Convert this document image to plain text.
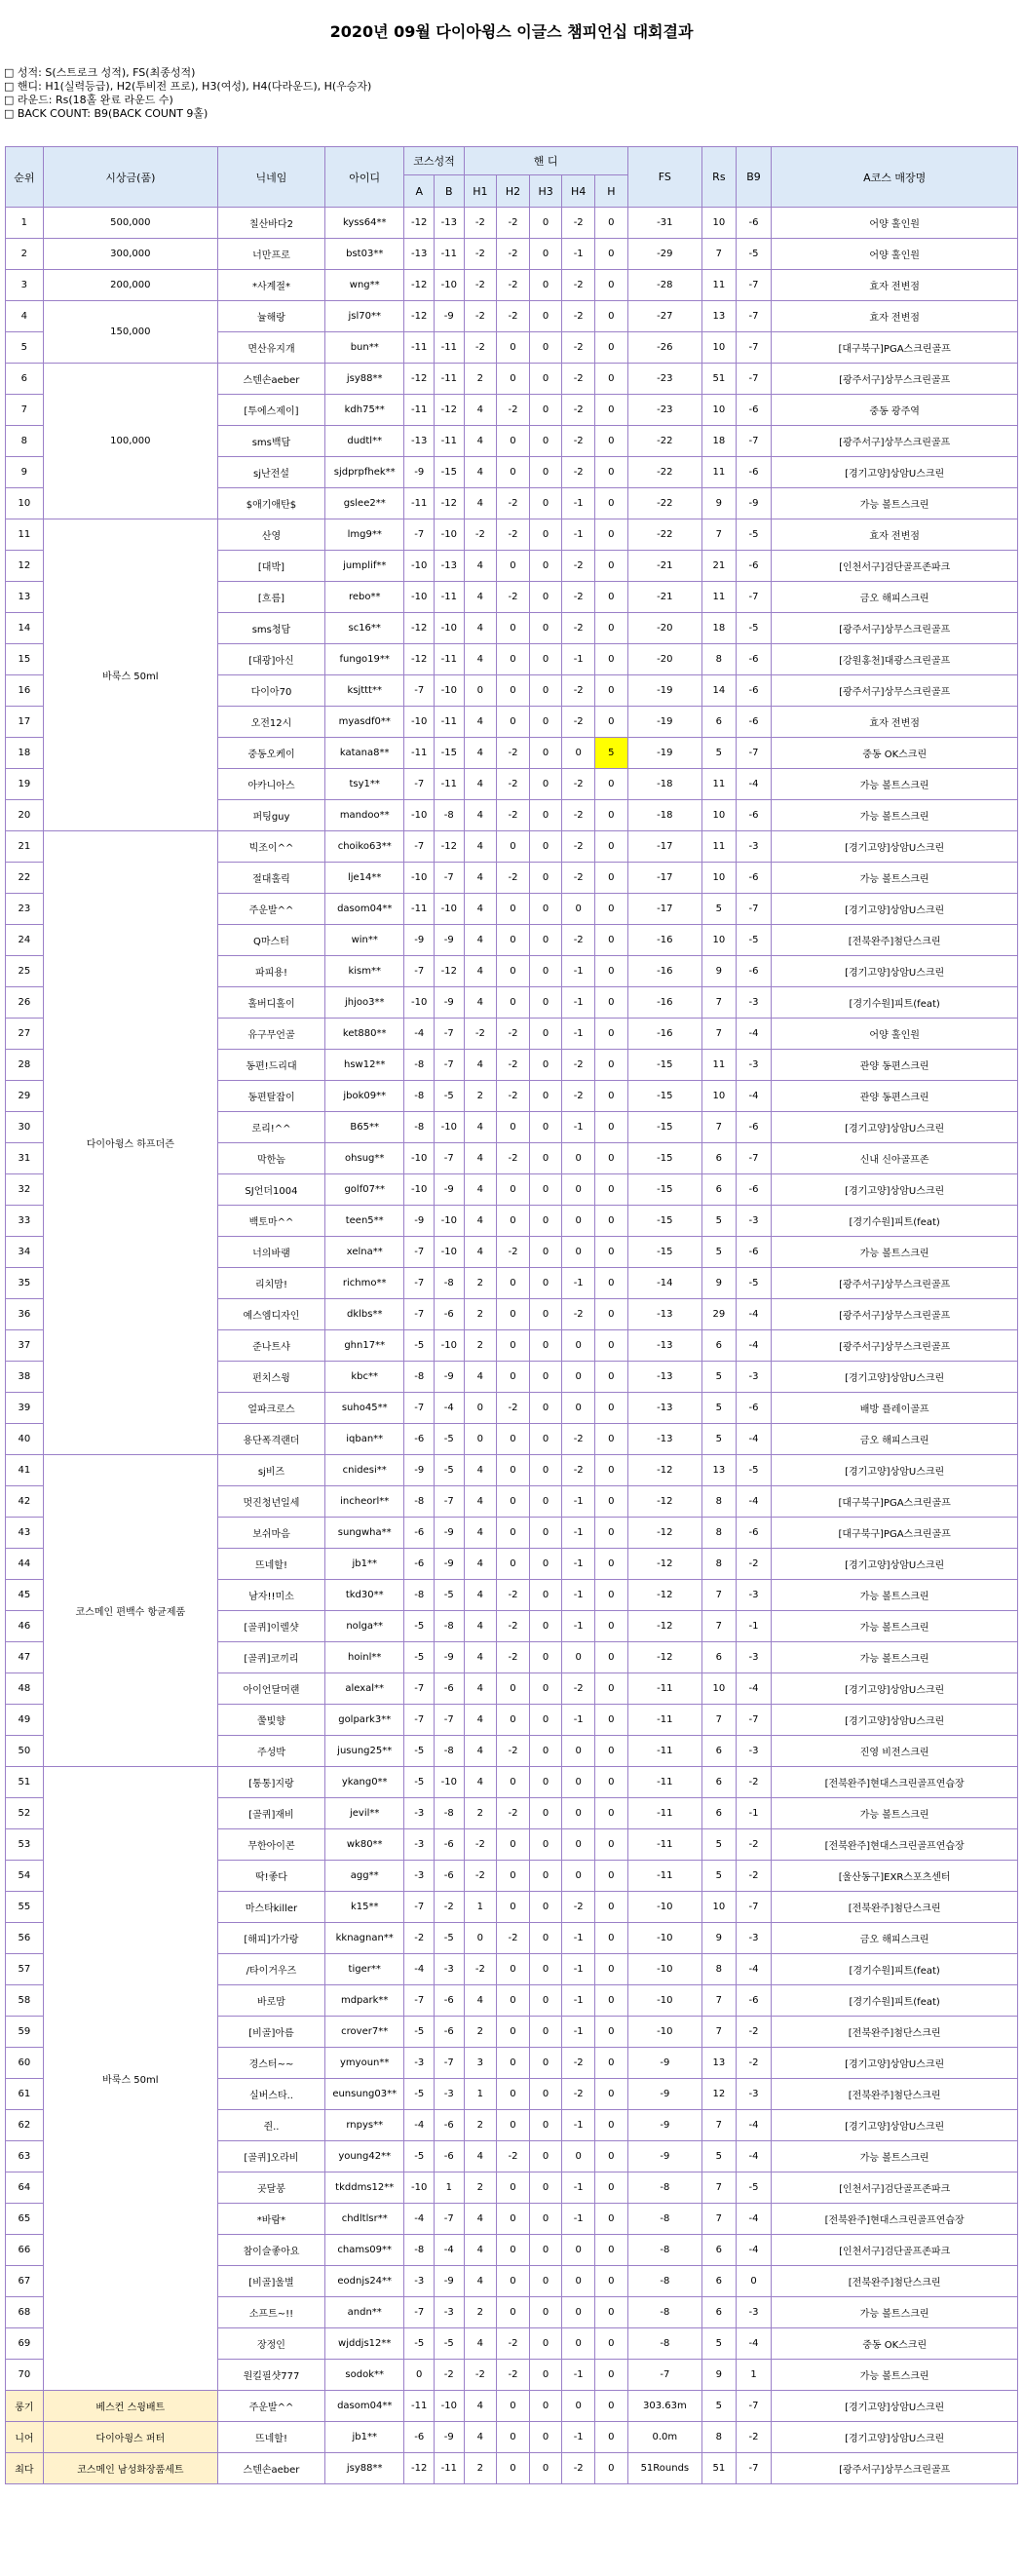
2020년 09월 다이아윙스 이글스 챔피언십 대회결과
□ 성적: S(스트로크 성적), FS(최종성적)
□ 핸디: H1(실력등급), H2(투비전 프로), H3(여성), H4(다라운드), H(우승자)
□ 라운드: Rs(18홀 완료 라운드 수)
□ BACK COUNT: B9(BACK COUNT 9홀)
순위	시상금(품)	닉네임	아이디	코스성적		핸 디					FS	Rs	B9	A코스 매장명
				A	B	H1	H2	H3	H4	H				
1	500,000	칠산바다2	kyss64**	-12	-13	-2	-2	0	-2	0	-31	10	-6	어양 홀인원
2	300,000	너만프로	bst03**	-13	-11	-2	-2	0	-1	0	-29	7	-5	어양 홀인원
3	200,000	*사계절*	wng**	-12	-10	-2	-2	0	-2	0	-28	11	-7	효자 전변점
4	150,000	뉼해랑	jsl70**	-12	-9	-2	-2	0	-2	0	-27	13	-7	효자 전변점
5		면산유지개	bun**	-11	-11	-2	0	0	-2	0	-26	10	-7	[대구북구]PGA스크린골프
6	100,000	스텐손aeber	jsy88**	-12	-11	2	0	0	-2	0	-23	51	-7	[광주서구]상무스크린골프
7		[투에스제이]	kdh75**	-11	-12	4	-2	0	-2	0	-23	10	-6	중동 광주역
8		sms백담	dudtl**	-13	-11	4	0	0	-2	0	-22	18	-7	[광주서구]상무스크린골프
9		sj난전설	sjdprpfhek**	-9	-15	4	0	0	-2	0	-22	11	-6	[경기고양]상암U스크린
10		$애기애탄$	gslee2**	-11	-12	4	-2	0	-1	0	-22	9	-9	가능 볼트스크린
11	바룩스 50ml	산영	lmg9**	-7	-10	-2	-2	0	-1	0	-22	7	-5	효자 전변점
12		[대박]	jumplif**	-10	-13	4	0	0	-2	0	-21	21	-6	[인천서구]검단골프존파크
13		[흐름]	rebo**	-10	-11	4	-2	0	-2	0	-21	11	-7	금오 해피스크린
14		sms청담	sc16**	-12	-10	4	0	0	-2	0	-20	18	-5	[광주서구]상무스크린골프
15		[대광]아신	fungo19**	-12	-11	4	0	0	-1	0	-20	8	-6	[강원홍천]대광스크린골프
16		다이아70	ksjttt**	-7	-10	0	0	0	-2	0	-19	14	-6	[광주서구]상무스크린골프
17		오전12시	myasdf0**	-10	-11	4	0	0	-2	0	-19	6	-6	효자 전변점
18		중동오케이	katana8**	-11	-15	4	-2	0	0	5	-19	5	-7	중동 OK스크린
19		아카니아스	tsy1**	-7	-11	4	-2	0	-2	0	-18	11	-4	가능 볼트스크린
20		퍼팅guy	mandoo**	-10	-8	4	-2	0	-2	0	-18	10	-6	가능 볼트스크린
21	다이아윙스 하프더즌	빅조이^^	choiko63**	-7	-12	4	0	0	-2	0	-17	11	-3	[경기고양]상암U스크린
22		절대홀릭	lje14**	-10	-7	4	-2	0	-2	0	-17	10	-6	가능 볼트스크린
23		주운발^^	dasom04**	-11	-10	4	0	0	0	0	-17	5	-7	[경기고양]상암U스크린
24		Q마스터	win**	-9	-9	4	0	0	-2	0	-16	10	-5	[전북완주]첨단스크린
25		파피용!	kism**	-7	-12	4	0	0	-1	0	-16	9	-6	[경기고양]상암U스크린
26		홀버디홀이	jhjoo3**	-10	-9	4	0	0	-1	0	-16	7	-3	[경기수원]피트(feat)
27		유구무언골	ket880**	-4	-7	-2	-2	0	-1	0	-16	7	-4	어양 홀인원
28		동편!드리대	hsw12**	-8	-7	4	-2	0	-2	0	-15	11	-3	관양 동편스크린
29		동편탈잡이	jbok09**	-8	-5	2	-2	0	-2	0	-15	10	-4	관양 동편스크린
30		로리!^^	B65**	-8	-10	4	0	0	-1	0	-15	7	-6	[경기고양]상암U스크린
31		막한놈	ohsug**	-10	-7	4	-2	0	0	0	-15	6	-7	신내 신아골프존
32		SJ언더1004	golf07**	-10	-9	4	0	0	0	0	-15	6	-6	[경기고양]상암U스크린
33		백토마^^	teen5**	-9	-10	4	0	0	0	0	-15	5	-3	[경기수원]피트(feat)
34		너의바램	xelna**	-7	-10	4	-2	0	0	0	-15	5	-6	가능 볼트스크린
35		리치맘!	richmo**	-7	-8	2	0	0	-1	0	-14	9	-5	[광주서구]상무스크린골프
36		예스엠디자인	dklbs**	-7	-6	2	0	0	-2	0	-13	29	-4	[광주서구]상무스크린골프
37		준나트샤	ghn17**	-5	-10	2	0	0	0	0	-13	6	-4	[광주서구]상무스크린골프
38		펀치스윙	kbc**	-8	-9	4	0	0	0	0	-13	5	-3	[경기고양]상암U스크린
39		얼파크로스	suho45**	-7	-4	0	-2	0	0	0	-13	5	-6	배방 플레이골프
40		용단폭격랜더	iqban**	-6	-5	0	0	0	-2	0	-13	5	-4	금오 해피스크린
41	코스메인 편백수 항균제품	sj비즈	cnidesi**	-9	-5	4	0	0	-2	0	-12	13	-5	[경기고양]상암U스크린
42		멋진청년일세	incheorl**	-8	-7	4	0	0	-1	0	-12	8	-4	[대구북구]PGA스크린골프
43		보쉬마음	sungwha**	-6	-9	4	0	0	-1	0	-12	8	-6	[대구북구]PGA스크린골프
44		뜨네할!	jb1**	-6	-9	4	0	0	-1	0	-12	8	-2	[경기고양]상암U스크린
45		남자!!미소	tkd30**	-8	-5	4	-2	0	-1	0	-12	7	-3	가능 볼트스크린
46		[골퀴]이렐샷	nolga**	-5	-8	4	-2	0	-1	0	-12	7	-1	가능 볼트스크린
47		[골퀴]코끼리	hoinl**	-5	-9	4	-2	0	0	0	-12	6	-3	가능 볼트스크린
48		아이언달머랜	alexal**	-7	-6	4	0	0	-2	0	-11	10	-4	[경기고양]상암U스크린
49		쭐빛향	golpark3**	-7	-7	4	0	0	-1	0	-11	7	-7	[경기고양]상암U스크린
50		주성박	jusung25**	-5	-8	4	-2	0	0	0	-11	6	-3	진영 비전스크린
51	바룩스 50ml	[통통]지랑	ykang0**	-5	-10	4	0	0	0	0	-11	6	-2	[전북완주]현대스크린골프연습장
52		[골퀴]재비	jevil**	-3	-8	2	-2	0	0	0	-11	6	-1	가능 볼트스크린
53		무한아이콘	wk80**	-3	-6	-2	0	0	0	0	-11	5	-2	[전북완주]현대스크린골프연습장
54		딱!좋다	agg**	-3	-6	-2	0	0	0	0	-11	5	-2	[울산동구]EXR스포츠센터
55		마스타killer	k15**	-7	-2	1	0	0	-2	0	-10	10	-7	[전북완주]첨단스크린
56		[해피]가가랑	kknagnan**	-2	-5	0	-2	0	-1	0	-10	9	-3	금오 해피스크린
57		/타이거우즈	tiger**	-4	-3	-2	0	0	-1	0	-10	8	-4	[경기수원]피트(feat)
58		바로맘	mdpark**	-7	-6	4	0	0	-1	0	-10	7	-6	[경기수원]피트(feat)
59		[비골]아름	crover7**	-5	-6	2	0	0	-1	0	-10	7	-2	[전북완주]첨단스크린
60		경스터~~	ymyoun**	-3	-7	3	0	0	-2	0	-9	13	-2	[경기고양]상암U스크린
61		실버스타..	eunsung03**	-5	-3	1	0	0	-2	0	-9	12	-3	[전북완주]첨단스크린
62		쥔..	rnpys**	-4	-6	2	0	0	-1	0	-9	7	-4	[경기고양]상암U스크린
63		[골퀴]오라비	young42**	-5	-6	4	-2	0	0	0	-9	5	-4	가능 볼트스크린
64		곳달봉	tkddms12**	-10	1	2	0	0	-1	0	-8	7	-5	[인천서구]검단골프존파크
65		*바람*	chdltlsr**	-4	-7	4	0	0	-1	0	-8	7	-4	[전북완주]현대스크린골프연습장
66		참이슬좋아요	chams09**	-8	-4	4	0	0	0	0	-8	6	-4	[인천서구]검단골프존파크
67		[비골]울별	eodnjs24**	-3	-9	4	0	0	0	0	-8	6	0	[전북완주]첨단스크린
68		소프트~!!	andn**	-7	-3	2	0	0	0	0	-8	6	-3	가능 볼트스크린
69		장정인	wjddjs12**	-5	-5	4	-2	0	0	0	-8	5	-4	중동 OK스크린
70		원킬필샷777	sodok**	0	-2	-2	-2	0	-1	0	-7	9	1	가능 볼트스크린
롱기	베스컨 스윙배트	주운발^^	dasom04**	-11	-10	4	0	0	0	0	303.63m	5	-7	[경기고양]상암U스크린
니어	다이아윙스 퍼터	뜨네할!	jb1**	-6	-9	4	0	0	-1	0	0.0m	8	-2	[경기고양]상암U스크린
최다	코스메인 남성화장품세트	스텐손aeber	jsy88**	-12	-11	2	0	0	-2	0	51Rounds	51	-7	[광주서구]상무스크린골프
